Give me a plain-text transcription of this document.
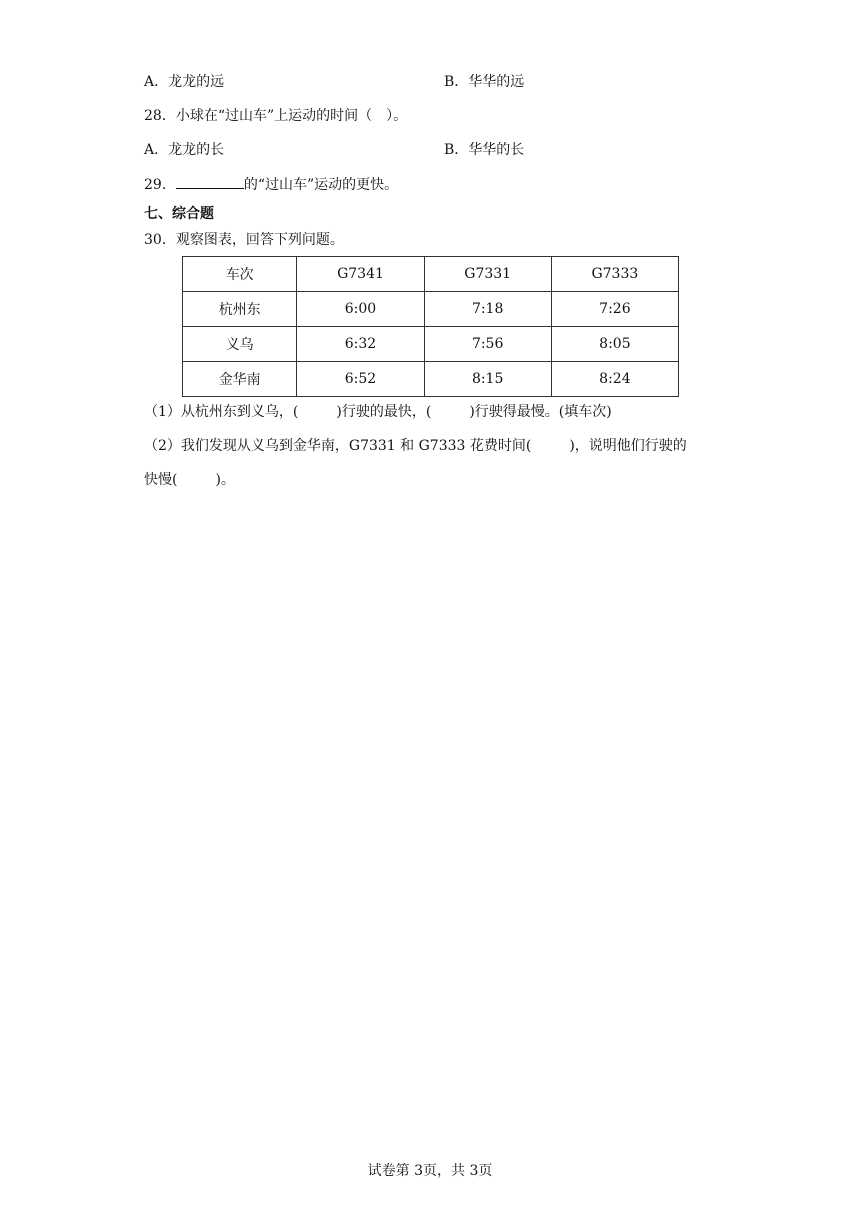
A．龙龙的远	B．华华的远
28．小球在“过山车”上运动的时间（　）。
A．龙龙的长	B．华华的长
29．	的“过山车”运动的更快。
七、综合题
30．观察图表，回答下列问题。
车次	G7341	G7331	G7333
杭州东	6:00	7:18	7:26
义乌	6:32	7:56	8:05
金华南	6:52	8:15	8:24
（1）从杭州东到义乌，(	)行驶的最快，(	)行驶得最慢。(填车次)
（2）我们发现从义乌到金华南，G7331 和 G7333 花费时间(	)，说明他们行驶的
快慢(	)。
试卷第 3页，共 3页
